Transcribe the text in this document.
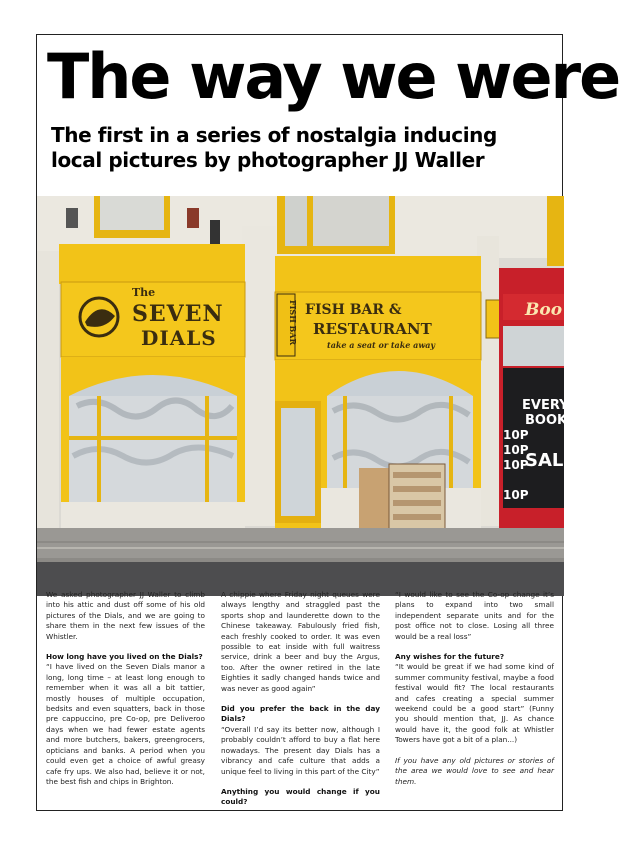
The way we were
The first in a series of nostalgia inducing local pictures by photographer JJ Waller
The
SEVEN
DIALS	FISH BAR FISH BAR &
RESTAURANT
take a seat or take away
Boo
EVERY
BOOK
10P
10P
10P
10P
SALE

We asked photographer JJ Waller to climb into his attic and dust off some of his old pictures of the Dials, and we are going to share them in the next few issues of the Whistler.

How long have you lived on the Dials?

“I have lived on the Seven Dials manor a long, long time – at least long enough to remember when it was all a bit tattier, mostly houses of multiple occupation, bedsits and even squatters, back in those pre cappuccino, pre Co-op, pre Deliveroo days when we had fewer estate agents and more butchers, bakers, greengrocers, opticians and banks. A period when you could even get a choice of awful greasy cafe fry ups. We also had, believe it or not, the best fish and chips in Brighton.

A chippie where Friday night queues were always lengthy and straggled past the sports shop and launderette down to the Chinese takeaway. Fabulously fried fish, each freshly cooked to order. It was even possible to eat inside with full waitress service, drink a beer and buy the Argus, too. After the owner retired in the late Eighties it sadly changed hands twice and was never as good again”

Did you prefer the back in the day Dials?

“Overall I’d say its better now, although I probably couldn’t afford to buy a flat here nowadays. The present day Dials has a vibrancy and cafe culture that adds a unique feel to living in this part of the City”

Anything you would change if you could?

“I would like to see the Co-op change it’s plans to expand into two small independent separate units and for the post office not to close. Losing all three would be a real loss”

Any wishes for the future?

“It would be great if we had some kind of summer community festival, maybe a food festival would fit? The local restaurants and cafes creating a special summer weekend could be a good start” (Funny you should mention that, JJ. As chance would have it, the good folk at Whistler Towers have got a bit of a plan...)

If you have any old pictures or stories of the area we would love to see and hear them.
